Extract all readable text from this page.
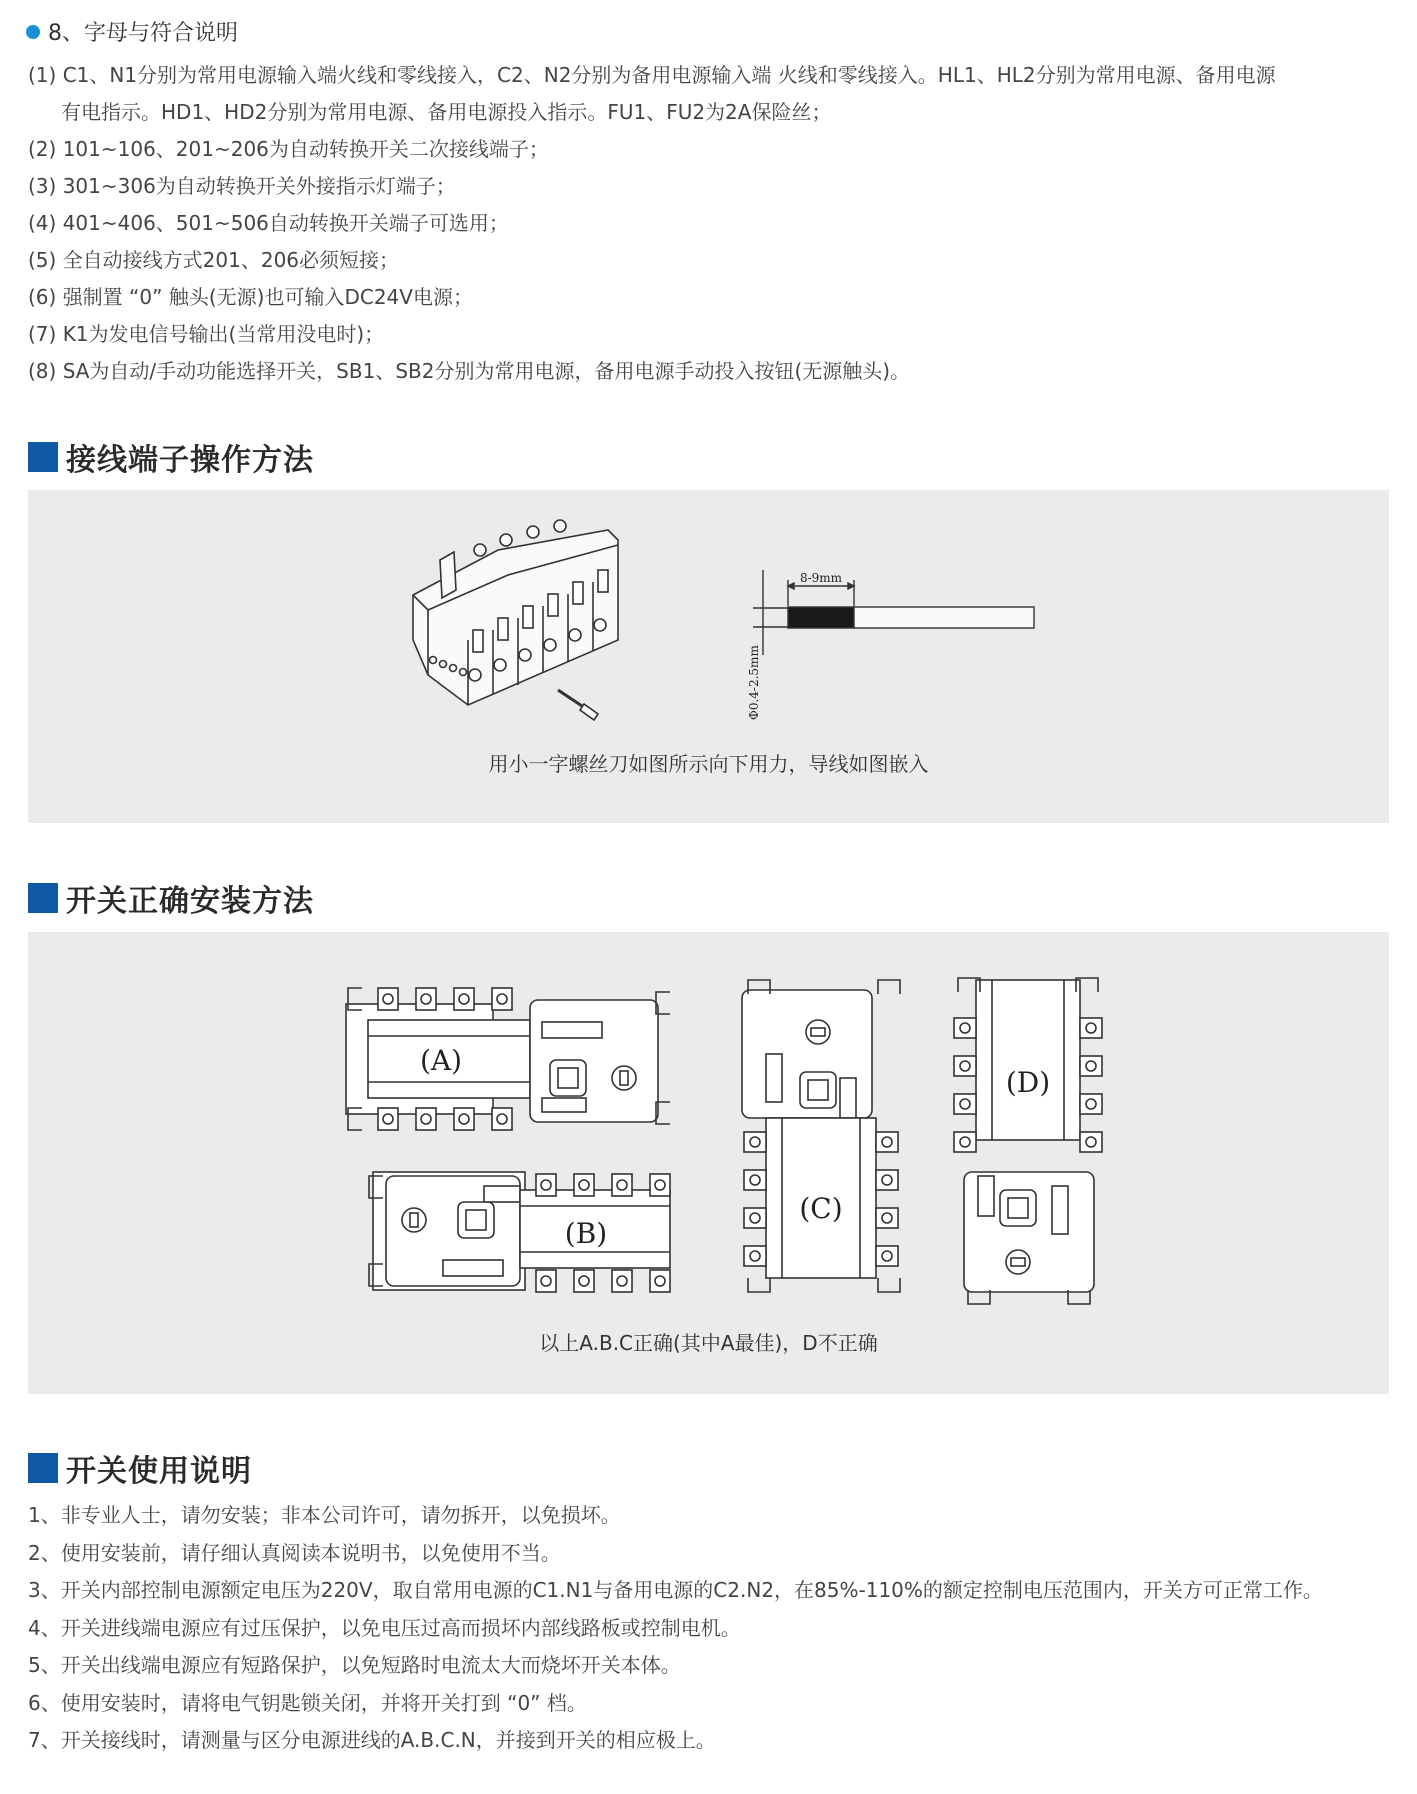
8、字母与符合说明
(1) C1、N1分别为常用电源输入端火线和零线接入，C2、N2分别为备用电源输入端 火线和零线接入。HL1、HL2分别为常用电源、备用电源
有电指示。HD1、HD2分别为常用电源、备用电源投入指示。FU1、FU2为2A保险丝；
(2) 101~106、201~206为自动转换开关二次接线端子；
(3) 301~306为自动转换开关外接指示灯端子；
(4) 401~406、501~506自动转换开关端子可选用；
(5) 全自动接线方式201、206必须短接；
(6) 强制置 “0” 触头(无源)也可输入DC24V电源；
(7) K1为发电信号输出(当常用没电时)；
(8) SA为自动/手动功能选择开关，SB1、SB2分别为常用电源，备用电源手动投入按钮(无源触头)。
接线端子操作方法
8-9mm
Φ0.4-2.5mm
用小一字螺丝刀如图所示向下用力，导线如图嵌入
开关正确安装方法
(A)
(B)
(C)
(D)
以上A.B.C正确(其中A最佳)，D不正确
开关使用说明
1、非专业人士，请勿安装；非本公司许可，请勿拆开，以免损坏。
2、使用安装前，请仔细认真阅读本说明书，以免使用不当。
3、开关内部控制电源额定电压为220V，取自常用电源的C1.N1与备用电源的C2.N2，在85%-110%的额定控制电压范围内，开关方可正常工作。
4、开关进线端电源应有过压保护，以免电压过高而损坏内部线路板或控制电机。
5、开关出线端电源应有短路保护，以免短路时电流太大而烧坏开关本体。
6、使用安装时，请将电气钥匙锁关闭，并将开关打到 “0” 档。
7、开关接线时，请测量与区分电源进线的A.B.C.N，并接到开关的相应极上。
